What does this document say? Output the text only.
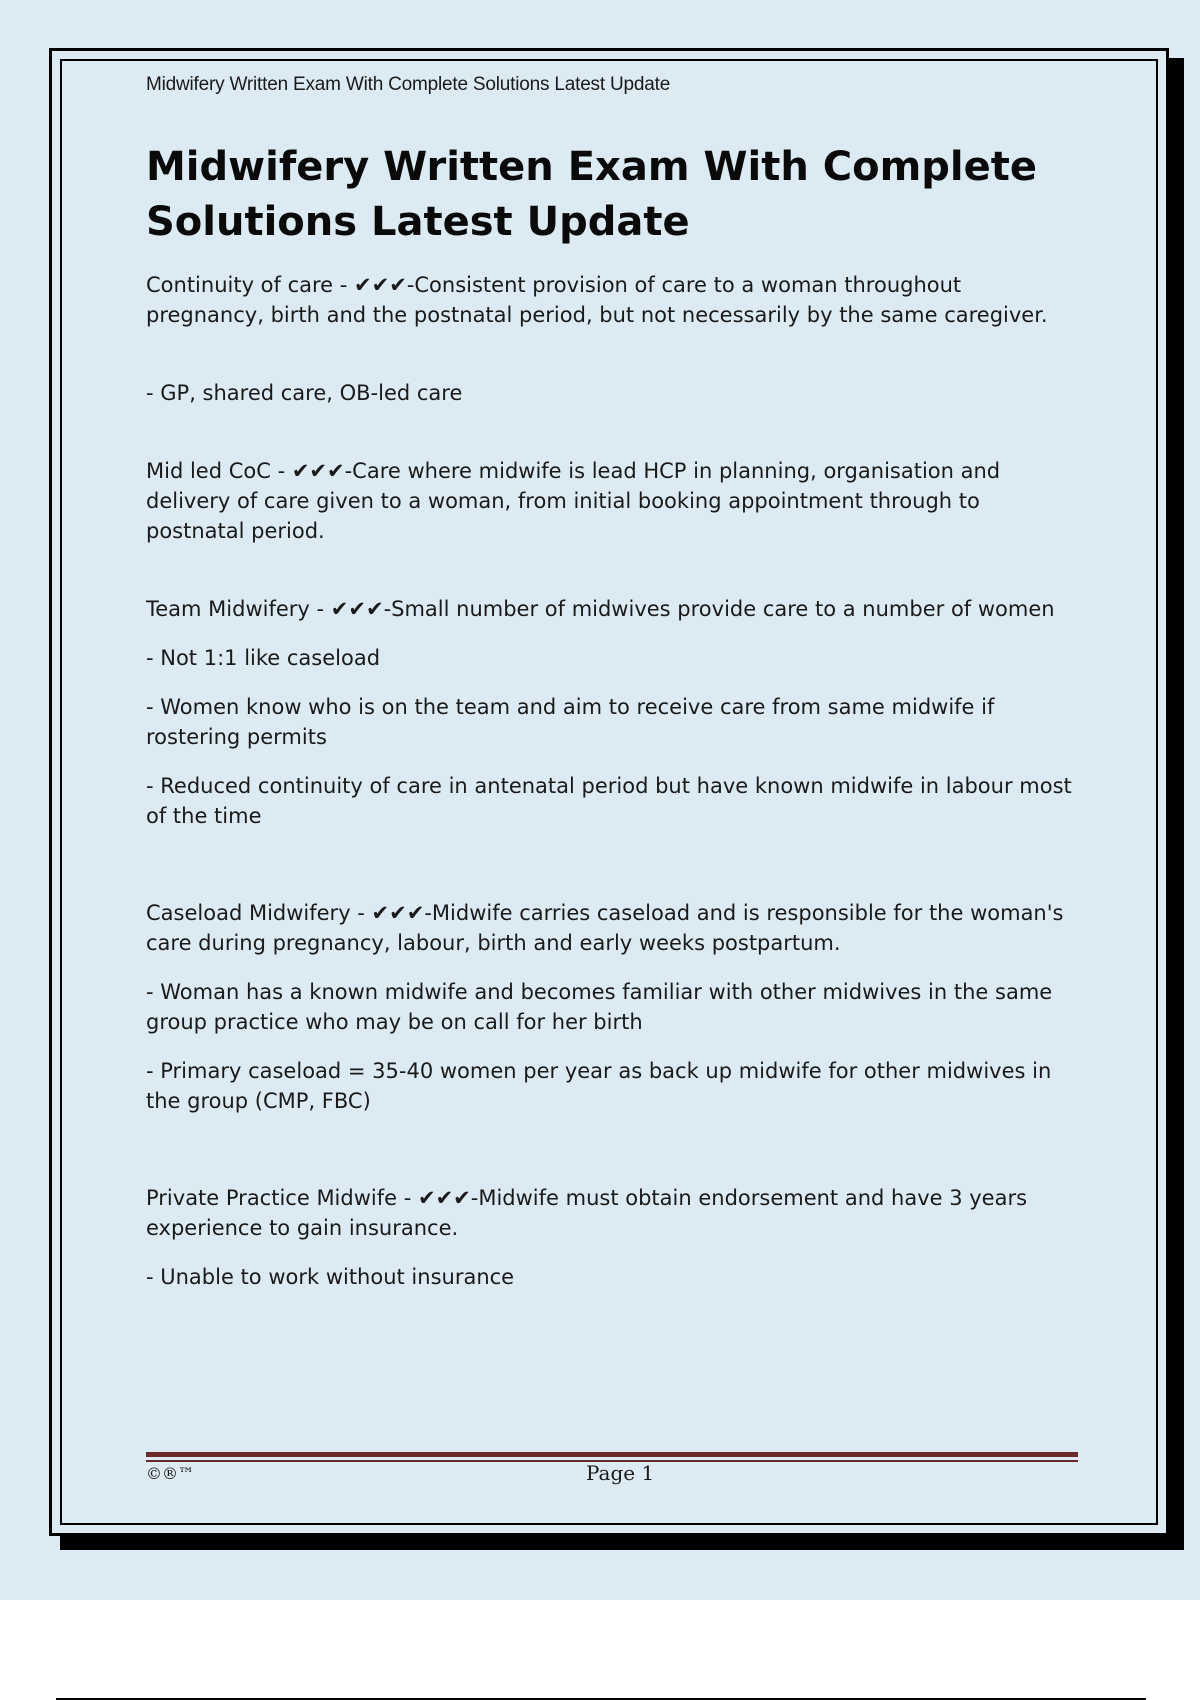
Midwifery Written Exam With Complete Solutions Latest Update
Midwifery Written Exam With Complete Solutions Latest Update

Continuity of care - ✔✔✔-Consistent provision of care to a woman throughout pregnancy, birth and the postnatal period, but not necessarily by the same caregiver.

- GP, shared care, OB-led care

Mid led CoC - ✔✔✔-Care where midwife is lead HCP in planning, organisation and delivery of care given to a woman, from initial booking appointment through to postnatal period.

Team Midwifery - ✔✔✔-Small number of midwives provide care to a number of women

- Not 1:1 like caseload

- Women know who is on the team and aim to receive care from same midwife if rostering permits

- Reduced continuity of care in antenatal period but have known midwife in labour most of the time

Caseload Midwifery - ✔✔✔-Midwife carries caseload and is responsible for the woman's care during pregnancy, labour, birth and early weeks postpartum.

- Woman has a known midwife and becomes familiar with other midwives in the same group practice who may be on call for her birth

- Primary caseload = 35-40 women per year as back up midwife for other midwives in the group (CMP, FBC)

Private Practice Midwife - ✔✔✔-Midwife must obtain endorsement and have 3 years experience to gain insurance.

- Unable to work without insurance

©®™	Page 1
